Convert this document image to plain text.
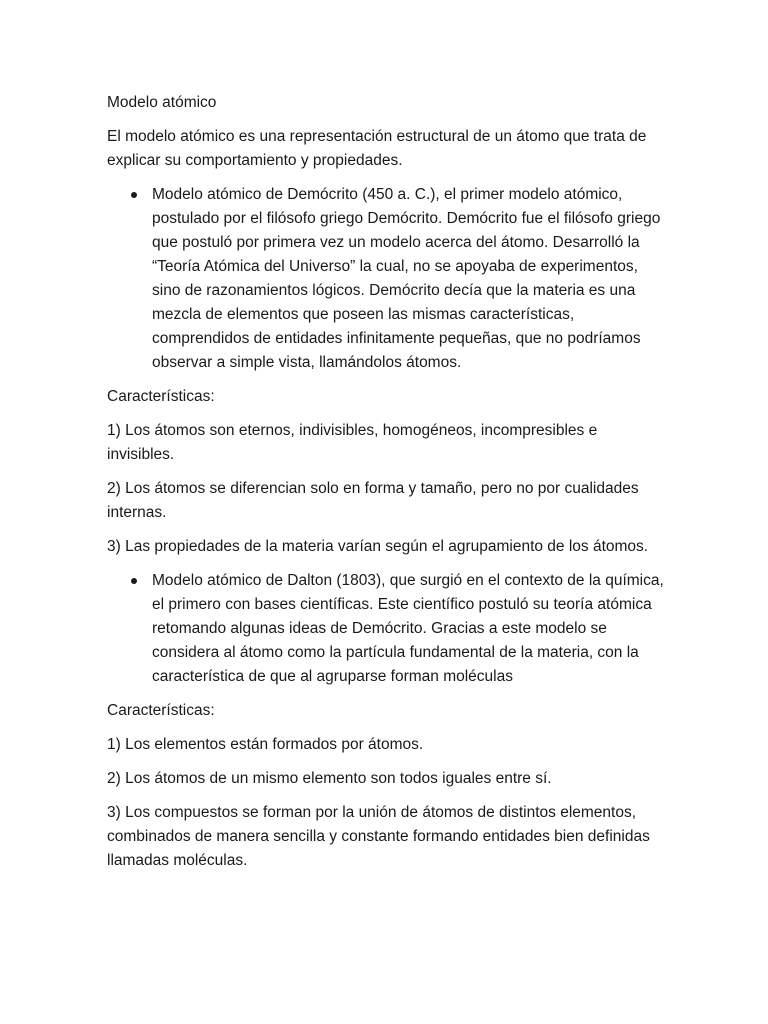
Modelo atómico

El modelo atómico es una representación estructural de un átomo que trata de explicar su comportamiento y propiedades.

Modelo atómico de Demócrito (450 a. C.), el primer modelo atómico, postulado por el filósofo griego Demócrito. Demócrito fue el filósofo griego que postuló por primera vez un modelo acerca del átomo. Desarrolló la “Teoría Atómica del Universo” la cual, no se apoyaba de experimentos, sino de razonamientos lógicos. Demócrito decía que la materia es una mezcla de elementos que poseen las mismas características, comprendidos de entidades infinitamente pequeñas, que no podríamos observar a simple vista, llamándolos átomos.

Características:

1) Los átomos son eternos, indivisibles, homogéneos, incompresibles e invisibles.

2) Los átomos se diferencian solo en forma y tamaño, pero no por cualidades internas.

3) Las propiedades de la materia varían según el agrupamiento de los átomos.

Modelo atómico de Dalton (1803), que surgió en el contexto de la química, el primero con bases científicas. Este científico postuló su teoría atómica retomando algunas ideas de Demócrito. Gracias a este modelo se considera al átomo como la partícula fundamental de la materia, con la característica de que al agruparse forman moléculas

Características:

1) Los elementos están formados por átomos.

2) Los átomos de un mismo elemento son todos iguales entre sí.

3) Los compuestos se forman por la unión de átomos de distintos elementos, combinados de manera sencilla y constante formando entidades bien definidas llamadas moléculas.
